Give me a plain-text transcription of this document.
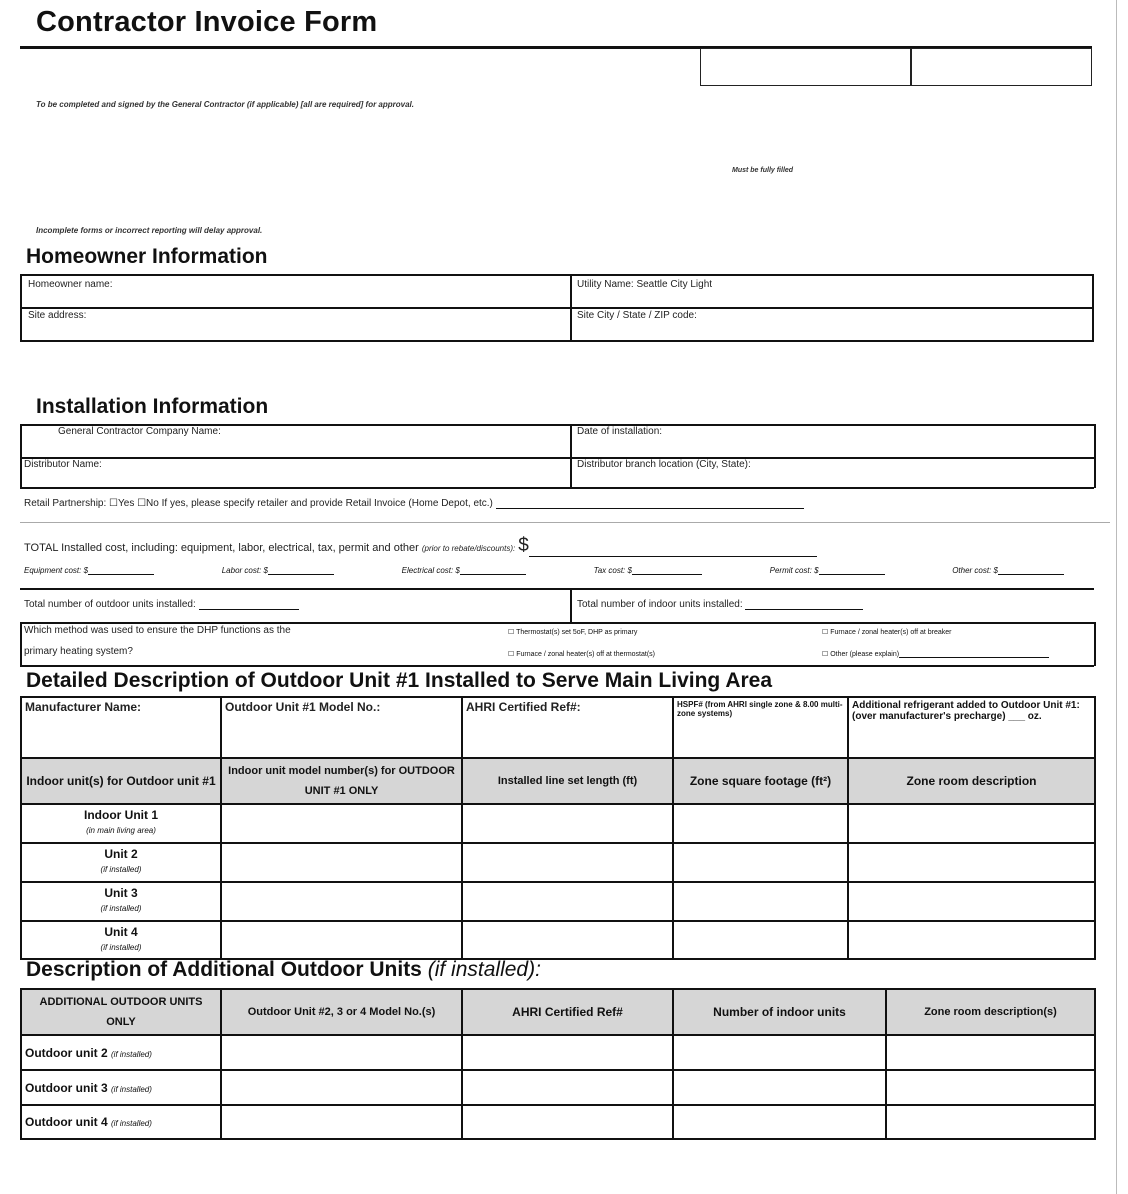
Contractor Invoice Form
To be completed and signed by the General Contractor (if applicable) [all are required] for approval.
Must be fully filled
Incomplete forms or incorrect reporting will delay approval.
Homeowner Information
Homeowner name:	Utility Name: Seattle City Light
Site address:	Site City / State / ZIP code:
Installation Information
General Contractor Company Name:	Date of installation:
Distributor Name:	Distributor branch location (City, State):
Retail Partnership: ☐Yes ☐No If yes, please specify retailer and provide Retail Invoice (Home Depot, etc.)
TOTAL Installed cost, including: equipment, labor, electrical, tax, permit and other (prior to rebate/discounts): $
Equipment cost: $	Labor cost: $	Electrical cost: $	Tax cost: $	Permit cost: $	Other cost: $
Total number of outdoor units installed:	Total number of indoor units installed:
Which method was used to ensure the DHP functions as the
primary heating system?
☐ Thermostat(s) set 5oF, DHP as primary	☐ Furnace / zonal heater(s) off at breaker
☐ Furnace / zonal heater(s) off at thermostat(s)	☐ Other (please explain)
Detailed Description of Outdoor Unit #1 Installed to Serve Main Living Area
Manufacturer Name:	Outdoor Unit #1 Model No.:	AHRI Certified Ref#:	HSPF# (from AHRI single zone & 8.00 multi-zone systems)	Additional refrigerant added to Outdoor Unit #1: (over manufacturer's precharge) ___ oz.
Indoor unit(s) for Outdoor unit #1	Indoor unit model number(s) for OUTDOOR UNIT #1 ONLY	Installed line set length (ft)	Zone square footage (ft²)	Zone room description
Indoor Unit 1
(in main living area)				

Unit 2
(if installed)				

Unit 3
(if installed)				

Unit 4
(if installed)				

Description of Additional Outdoor Units (if installed):
ADDITIONAL OUTDOOR UNITS ONLY	Outdoor Unit #2, 3 or 4 Model No.(s)	AHRI Certified Ref#	Number of indoor units	Zone room description(s)
Outdoor unit 2 (if installed)				
Outdoor unit 3 (if installed)				
Outdoor unit 4 (if installed)				
